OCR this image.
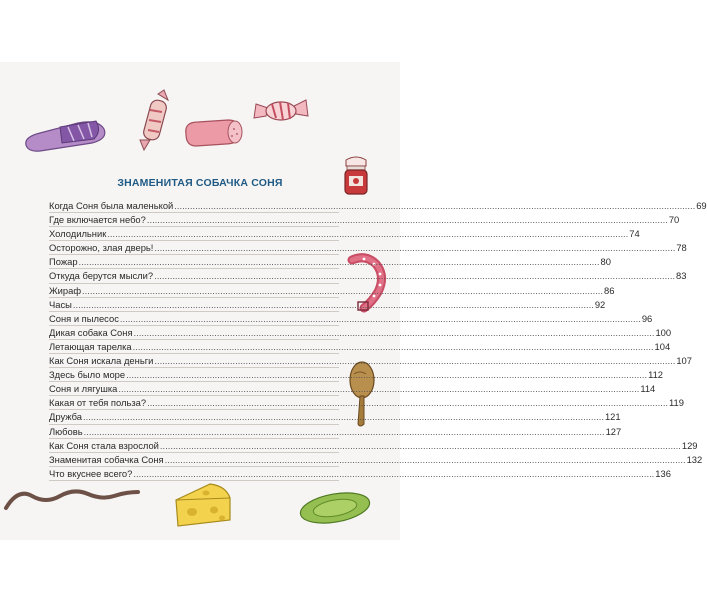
ЗНАМЕНИТАЯ СОБАЧКА СОНЯ
Когда Соня была маленькой ........................................................................................................................................................................................................ 69
Где включается небо? ........................................................................................................................................................................................................ 70
Холодильник ........................................................................................................................................................................................................ 74
Осторожно, злая дверь! ........................................................................................................................................................................................................ 78
Пожар ........................................................................................................................................................................................................ 80
Откуда берутся мысли? ........................................................................................................................................................................................................ 83
Жираф ........................................................................................................................................................................................................ 86
Часы ........................................................................................................................................................................................................ 92
Соня и пылесос ........................................................................................................................................................................................................ 96
Дикая собака Соня ........................................................................................................................................................................................................ 100
Летающая тарелка ........................................................................................................................................................................................................ 104
Как Соня искала деньги ........................................................................................................................................................................................................ 107
Здесь было море ........................................................................................................................................................................................................ 112
Соня и лягушка ........................................................................................................................................................................................................ 114
Какая от тебя польза? ........................................................................................................................................................................................................ 119
Дружба ........................................................................................................................................................................................................ 121
Любовь ........................................................................................................................................................................................................ 127
Как Соня стала взрослой ........................................................................................................................................................................................................ 129
Знаменитая собачка Соня ........................................................................................................................................................................................................ 132
Что вкуснее всего? ........................................................................................................................................................................................................ 136
